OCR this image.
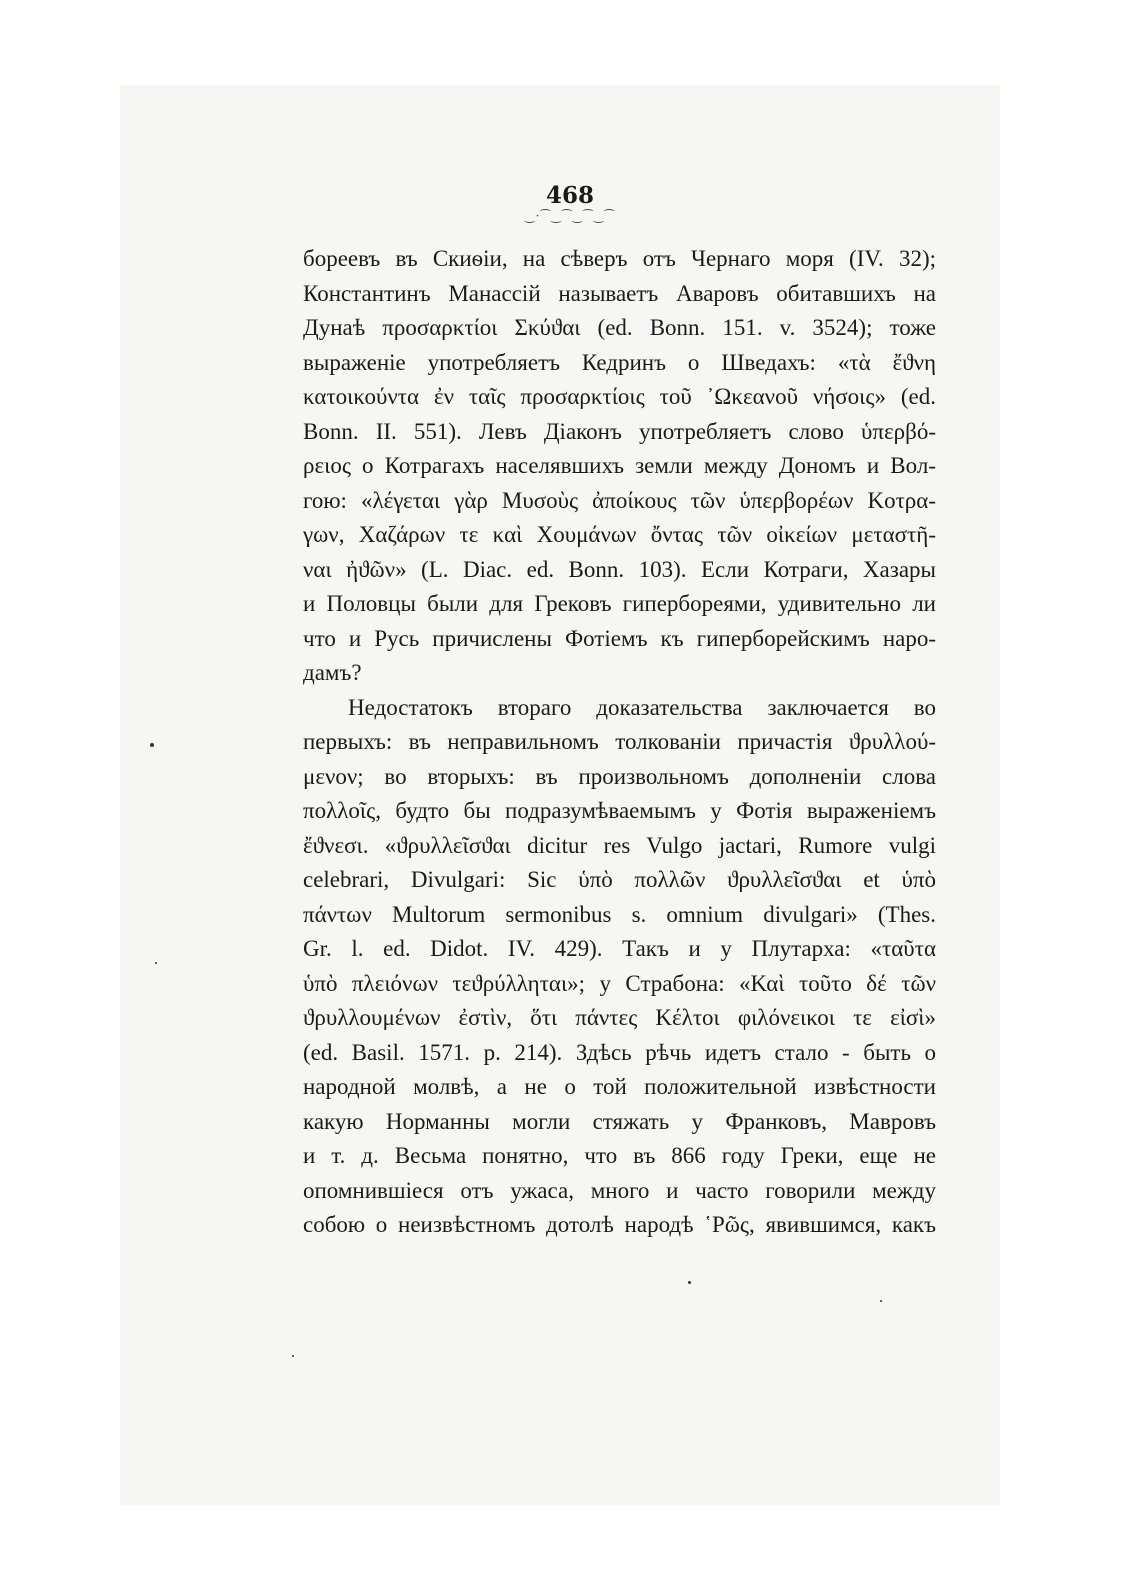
468
‿·⁀‿⁀‿⁀‿⁀
бореевъ въ Скиѳіи, на сѣверъ отъ Чернаго моря (IV. 32);
Константинъ Манассій называетъ Аваровъ обитавшихъ на
Дунаѣ προσαρκτίοι Σκύϑαι (ed. Bonn. 151. v. 3524); тоже
выраженіе употребляетъ Кедринъ о Шведахъ: «τὰ ἔϑνη
κατοικούντα ἐν ταῖς προσαρκτίοις τοῦ ᾿Ωκεανοῦ νήσοις» (ed.
Bonn. II. 551). Левъ Діаконъ употребляетъ слово ὑπερβό-
ρειος о Котрагахъ населявшихъ земли между Дономъ и Вол-
гою: «λέγεται γὰρ Μυσοὺς ἀποίκους τῶν ὑπερβορέων Κοτρα-
γων, Χαζάρων τε καὶ Χουμάνων ὄντας τῶν οἰκείων μεταστῆ-
ναι ἠϑῶν» (L. Diac. ed. Bonn. 103). Если Котраги, Хазары
и Половцы были для Грековъ гипербореями, удивительно ли
что и Русь причислены Фотіемъ къ гиперборейскимъ наро-
дамъ?
Недостатокъ втораго доказательства заключается во
первыхъ: въ неправильномъ толкованіи причастія ϑρυλλού-
μενον; во вторыхъ: въ произвольномъ дополненіи слова
πολλοῖς, будто бы подразумѣваемымъ у Фотія выраженіемъ
ἔϑνεσι. «ϑρυλλεῖσϑαι dicitur res Vulgo jactari, Rumore vulgi
celebrari, Divulgari: Sic ὑπὸ πολλῶν ϑρυλλεῖσϑαι et ὑπὸ
πάντων Multorum sermonibus s. omnium divulgari» (Thes.
Gr. l. ed. Didot. IV. 429). Такъ и у Плутарха: «ταῦτα
ὑπὸ πλειόνων τεϑρύλληται»; у Страбона: «Καὶ τοῦτο δέ τῶν
ϑρυλλουμένων ἐστὶν, ὅτι πάντες Κέλτοι φιλόνεικοι τε εἰσὶ»
(ed. Basil. 1571. p. 214). Здѣсь рѣчь идетъ стало - быть о
народной молвѣ, а не о той положительной извѣстности
какую Норманны могли стяжать у Франковъ, Мавровъ
и т. д. Весьма понятно, что въ 866 году Греки, еще не
опомнившіеся отъ ужаса, много и часто говорили между
собою о неизвѣстномъ дотолѣ народѣ ῾Ρῶς, явившимся, какъ
